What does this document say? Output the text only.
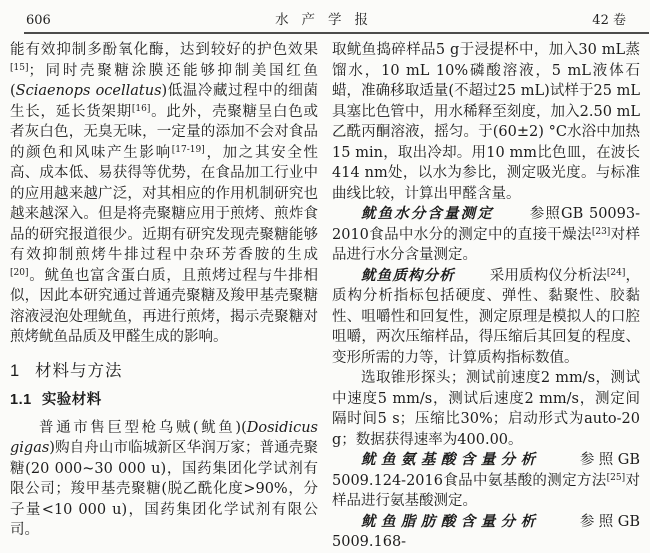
606	水产学报	42 卷

能有效抑制多酚氧化酶，达到较好的护色效果[15]；同时壳聚糖涂膜还能够抑制美国红鱼(Sciaenops ocellatus)低温冷藏过程中的细菌生长，延长货架期[16]。此外，壳聚糖呈白色或者灰白色，无臭无味，一定量的添加不会对食品的颜色和风味产生影响[17-19]，加之其安全性高、成本低、易获得等优势，在食品加工行业中的应用越来越广泛，对其相应的作用机制研究也越来越深入。但是将壳聚糖应用于煎烤、煎炸食品的研究报道很少。近期有研究发现壳聚糖能够有效抑制煎烤牛排过程中杂环芳香胺的生成[20]。鱿鱼也富含蛋白质，且煎烤过程与牛排相似，因此本研究通过普通壳聚糖及羧甲基壳聚糖溶液浸泡处理鱿鱼，再进行煎烤，揭示壳聚糖对煎烤鱿鱼品质及甲醛生成的影响。

1 材料与方法
1.1 实验材料

普通市售巨型枪乌贼(鱿鱼)(Dosidicus gigas)购自舟山市临城新区华润万家；普通壳聚糖(20 000~30 000 u)，国药集团化学试剂有限公司；羧甲基壳聚糖(脱乙酰化度>90%，分子量<10 000 u)，国药集团化学试剂有限公司。

取鱿鱼捣碎样品5 g于浸提杯中，加入30 mL蒸馏水，10 mL 10%磷酸溶液，5 mL液体石蜡，准确移取适量(不超过25 mL)试样于25 mL具塞比色管中，用水稀释至刻度，加入2.50 mL乙酰丙酮溶液，摇匀。于(60±2) °C水浴中加热15 min，取出冷却。用10 mm比色皿，在波长414 nm处，以水为参比，测定吸光度。与标准曲线比较，计算出甲醛含量。

鱿鱼水分含量测定 参照GB 50093-2010食品中水分的测定中的直接干燥法[23]对样品进行水分含量测定。

鱿鱼质构分析 采用质构仪分析法[24]，质构分析指标包括硬度、弹性、黏聚性、胶黏性、咀嚼性和回复性，测定原理是模拟人的口腔咀嚼，两次压缩样品，得压缩后其回复的程度、变形所需的力等，计算质构指标数值。

选取锥形探头；测试前速度2 mm/s，测试中速度5 mm/s，测试后速度2 mm/s，测定间隔时间5 s；压缩比30%；启动形式为auto-20 g；数据获得速率为400.00。

鱿鱼氨基酸含量分析 参照GB 5009.124-2016食品中氨基酸的测定方法[25]对样品进行氨基酸测定。

鱿鱼脂肪酸含量分析 参照GB 5009.168-
